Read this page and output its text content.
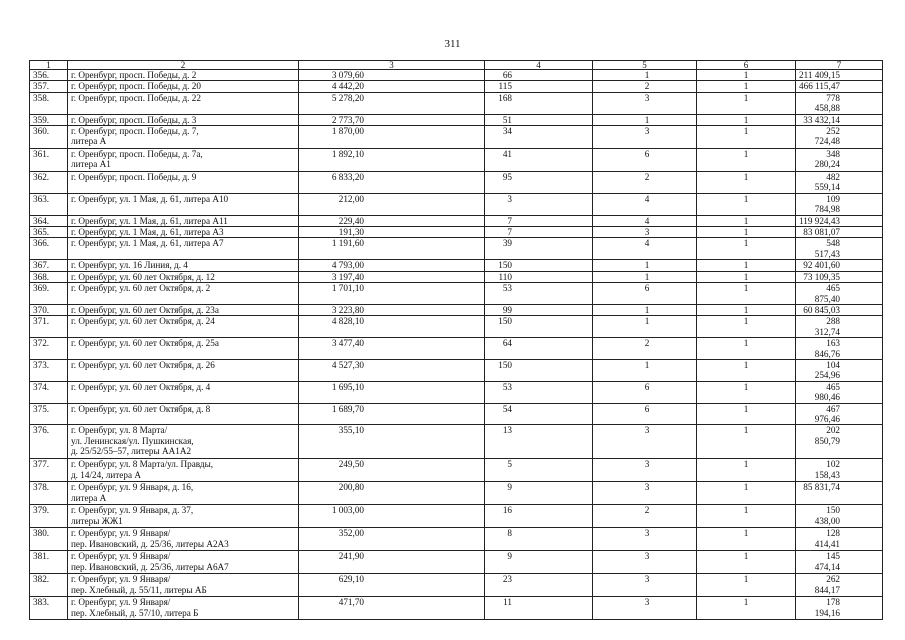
311
1	2	3	4	5	6	7
356.	г. Оренбург, просп. Победы, д. 2	3 079,60	66	1	1	211 409,15
357.	г. Оренбург, просп. Победы, д. 20	4 442,20	115	2	1	466 115,47
358.	г. Оренбург, просп. Победы, д. 22	5 278,20	168	3	1	778 458,88
359.	г. Оренбург, просп. Победы, д. 3	2 773,70	51	1	1	33 432,14
360.	г. Оренбург, просп. Победы, д. 7,
литера А	1 870,00	34	3	1	252 724,48
361.	г. Оренбург, просп. Победы, д. 7а,
литера А1	1 892,10	41	6	1	348 280,24
362.	г. Оренбург, просп. Победы, д. 9	6 833,20	95	2	1	482 559,14
363.	г. Оренбург, ул. 1 Мая, д. 61, литера А10	212,00	3	4	1	109 784,98
364.	г. Оренбург, ул. 1 Мая, д. 61, литера А11	229,40	7	4	1	119 924,43
365.	г. Оренбург, ул. 1 Мая, д. 61, литера А3	191,30	7	3	1	83 081,07
366.	г. Оренбург, ул. 1 Мая, д. 61, литера А7	1 191,60	39	4	1	548 517,43
367.	г. Оренбург, ул. 16 Линия, д. 4	4 793,00	150	1	1	92 401,60
368.	г. Оренбург, ул. 60 лет Октября, д. 12	3 197,40	110	1	1	73 109,35
369.	г. Оренбург, ул. 60 лет Октября, д. 2	1 701,10	53	6	1	465 875,40
370.	г. Оренбург, ул. 60 лет Октября, д. 23а	3 223,80	99	1	1	60 845,03
371.	г. Оренбург, ул. 60 лет Октября, д. 24	4 828,10	150	1	1	288 312,74
372.	г. Оренбург, ул. 60 лет Октября, д. 25а	3 477,40	64	2	1	163 846,76
373.	г. Оренбург, ул. 60 лет Октября, д. 26	4 527,30	150	1	1	104 254,96
374.	г. Оренбург, ул. 60 лет Октября, д. 4	1 695,10	53	6	1	465 980,46
375.	г. Оренбург, ул. 60 лет Октября, д. 8	1 689,70	54	6	1	467 976,46
376.	г. Оренбург, ул. 8 Марта/
ул. Ленинская/ул. Пушкинская,
д. 25/52/55–57, литеры АА1А2	355,10	13	3	1	202 850,79
377.	г. Оренбург, ул. 8 Марта/ул. Правды,
д. 14/24, литера А	249,50	5	3	1	102 158,43
378.	г. Оренбург, ул. 9 Января, д. 16,
литера А	200,80	9	3	1	85 831,74
379.	г. Оренбург, ул. 9 Января, д. 37,
литеры ЖЖ1	1 003,00	16	2	1	150 438,00
380.	г. Оренбург, ул. 9 Января/
пер. Ивановский, д. 25/36, литеры А2А3	352,00	8	3	1	128 414,41
381.	г. Оренбург, ул. 9 Января/
пер. Ивановский, д. 25/36, литеры А6А7	241,90	9	3	1	145 474,14
382.	г. Оренбург, ул. 9 Января/
пер. Хлебный, д. 55/11, литеры АБ	629,10	23	3	1	262 844,17
383.	г. Оренбург, ул. 9 Января/
пер. Хлебный, д. 57/10, литера Б	471,70	11	3	1	178 194,16
